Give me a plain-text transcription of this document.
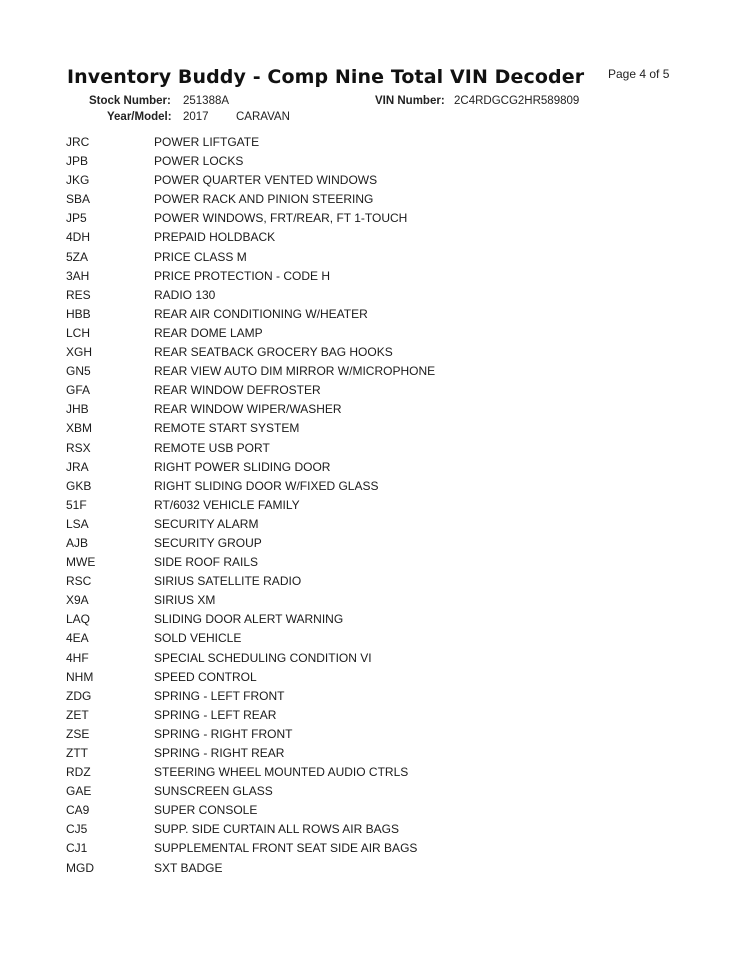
Inventory Buddy - Comp Nine Total VIN Decoder Page 4 of 5
Stock Number: 251388A	VIN Number: 2C4RDGCG2HR589809
Year/Model: 2017 CARAVAN
JRC	POWER LIFTGATE
JPB	POWER LOCKS
JKG	POWER QUARTER VENTED WINDOWS
SBA	POWER RACK AND PINION STEERING
JP5	POWER WINDOWS, FRT/REAR, FT 1-TOUCH
4DH	PREPAID HOLDBACK
5ZA	PRICE CLASS M
3AH	PRICE PROTECTION - CODE H
RES	RADIO 130
HBB	REAR AIR CONDITIONING W/HEATER
LCH	REAR DOME LAMP
XGH	REAR SEATBACK GROCERY BAG HOOKS
GN5	REAR VIEW AUTO DIM MIRROR W/MICROPHONE
GFA	REAR WINDOW DEFROSTER
JHB	REAR WINDOW WIPER/WASHER
XBM	REMOTE START SYSTEM
RSX	REMOTE USB PORT
JRA	RIGHT POWER SLIDING DOOR
GKB	RIGHT SLIDING DOOR W/FIXED GLASS
51F	RT/6032 VEHICLE FAMILY
LSA	SECURITY ALARM
AJB	SECURITY GROUP
MWE	SIDE ROOF RAILS
RSC	SIRIUS SATELLITE RADIO
X9A	SIRIUS XM
LAQ	SLIDING DOOR ALERT WARNING
4EA	SOLD VEHICLE
4HF	SPECIAL SCHEDULING CONDITION VI
NHM	SPEED CONTROL
ZDG	SPRING - LEFT FRONT
ZET	SPRING - LEFT REAR
ZSE	SPRING - RIGHT FRONT
ZTT	SPRING - RIGHT REAR
RDZ	STEERING WHEEL MOUNTED AUDIO CTRLS
GAE	SUNSCREEN GLASS
CA9	SUPER CONSOLE
CJ5	SUPP. SIDE CURTAIN ALL ROWS AIR BAGS
CJ1	SUPPLEMENTAL FRONT SEAT SIDE AIR BAGS
MGD	SXT BADGE
